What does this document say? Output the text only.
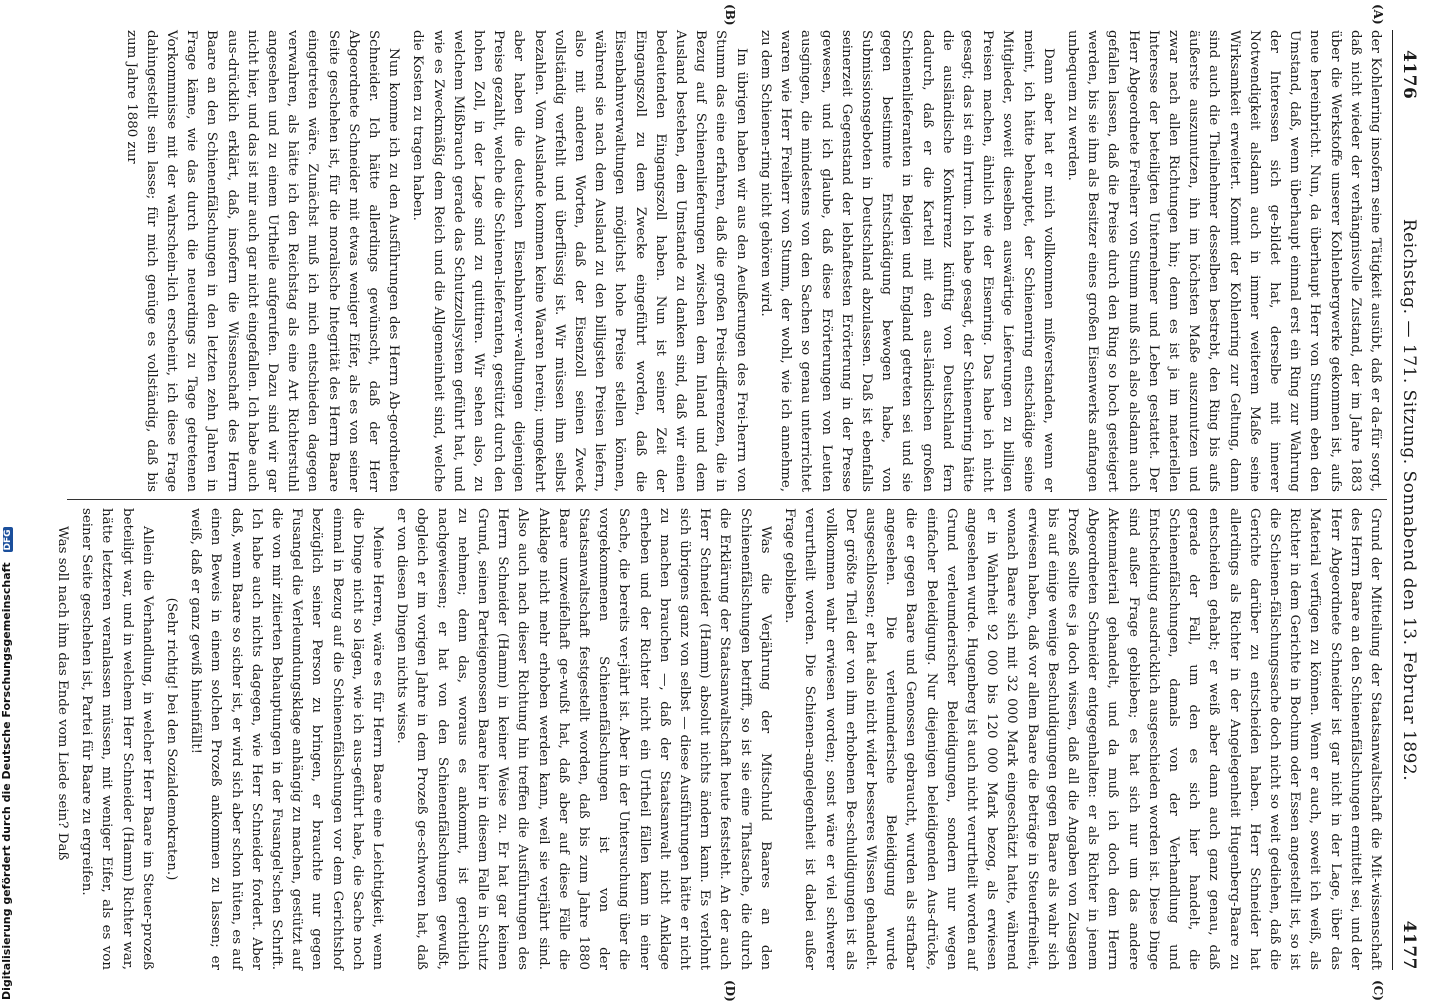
4176
Reichstag. — 171. Sitzung. Sonnabend den 13. Februar 1892.
4177
(A)
(B)
(C)
(D)

der Kohlenring insofern seine Tätigkeit ausübt, daß er da-für sorgt, daß nicht wieder der verhängnisvolle Zustand, der im Jahre 1883 über die Werkstoffe unserer Kohlenbergwerke gekommen ist, aufs neue hereinbricht. Nun, da überhaupt Herr von Stumm eben den Umstand, daß, wenn überhaupt einmal erst ein Ring zur Wahrung der Interessen sich ge-bildet hat, derselbe mit innerer Notwendigkeit alsdann auch in immer weiterem Maße seine Wirksamkeit erweitert. Kommt der Kohlenring zur Geltung, dann sind auch die Theilnehmer desselben bestrebt, den Ring bis aufs äußerste auszunutzen, ihn im höchsten Maße auszunutzen und zwar nach allen Richtungen hin; denn es ist ja im materiellen Interesse der beteiligten Unternehmer und Leben gestattet. Der Herr Abgeordnete Freiherr von Stumm muß sich also alsdann auch gefallen lassen, daß die Preise durch den Ring so hoch gesteigert werden, bis sie ihm als Besitzer eines großen Eisenwerks anfangen unbequem zu werden.

Dann aber hat er mich vollkommen mißverstanden, wenn er meint, ich hätte behauptet, der Schienenring entschädige seine Mitglieder, soweit dieselben auswärtige Lieferungen zu billigen Preisen machen, ähnlich wie der Eisenring. Das habe ich nicht gesagt; das ist ein Irrtum. Ich habe gesagt, der Schienenring hätte die ausländische Konkurrenz künftig von Deutschland fern dadurch, daß er die Kartell mit den aus-ländischen großen Schienenlieferanten in Belgien und England getreten sei und sie gegen bestimmte Entschädigung bewogen habe, von Submissionsgeboten in Deutschland abzulassen. Daß ist ebenfalls seinerzeit Gegenstand der lebhaftesten Erörterung in der Presse gewesen, und ich glaube, daß diese Erörterungen von Leuten ausgingen, die mindestens von den Sachen so genau unterrichtet waren wie Herr Freiherr von Stumm, der wohl, wie ich annehme, zu dem Schienen-ring nicht gehören wird.

Im übrigen haben wir aus den Aeußerungen des Frei-herrn von Stumm das eine erfahren, daß die großen Preis-differenzen, die in Bezug auf Schienenlieferungen zwischen dem Inland und dem Ausland bestehen, dem Umstande zu danken sind, daß wir einen bedeutenden Eingangszoll haben. Nun ist seiner Zeit der Eingangszoll zu dem Zwecke eingeführt worden, daß die Eisenbahnverwaltungen möglichst hohe Preise stellen können, während sie nach dem Ausland zu den billigsten Preisen liefern, also mit anderen Worten, daß der Eisenzoll seinen Zweck vollständig verfehlt und überflüssig ist. Wir müssen ihm selbst bezahlen. Vom Auslande kommen keine Waaren herein; umgekehrt aber haben die deutschen Eisenbahnver-waltungen diejenigen Preise gezahlt, welche die Schienen-lieferanten, gestützt durch den hohen Zoll, in der Lage sind zu quittiren. Wir sehen also, zu welchem Mißbrauch gerade das Schutzzollsystem geführt hat, und wie es Zweckmäßig dem Reich und die Allgemeinheit sind, welche die Kosten zu tragen haben.

Nun komme ich zu den Ausführungen des Herrn Ab-geordneten Schneider. Ich hätte allerdings gewünscht, daß der Herr Abgeordnete Schneider mit etwas weniger Eifer, als es von seiner Seite geschehen ist, für die moralische Integrität des Herrn Baare eingetreten wäre. Zunächst muß ich mich entschieden dagegen verwahren, als hätte ich den Reichstag als eine Art Richterstuhl angesehen und zu einem Urtheile aufgerufen. Dazu sind wir gar nicht hier, und das ist mir auch gar nicht eingefallen. Ich habe auch aus-drücklich erklärt, daß, insofern die Wissenschaft des Herrn Baare an den Schienenfälschungen in den letzten zehn Jahren in Frage käme, wie das durch die neuerdings zu Tage getretenen Vorkommnisse mit der wahrschein-lich erscheint, ich diese Frage dahingestellt sein lasse; für mich genüge es vollständig, daß bis zum Jahre 1880 zur

Grund der Mitteilung der Staatsanwaltschaft die Mit-wissenschaft des Herrn Baare an den Schienenfälschungen ermittelt sei, und der Herr Abgeordnete Schneider ist gar nicht in der Lage, über das Material verfügen zu können. Wenn er auch, soweit ich weiß, als Richter in dem Gerichte in Bochum oder Essen angestellt ist, so ist die Schienen-fälschungssache doch nicht so weit gediehen, daß die Gerichte darüber zu entscheiden haben. Herr Schneider hat allerdings als Richter in der Angelegenheit Hugenberg-Baare zu entscheiden gehabt; er weiß aber dann auch ganz genau, daß gerade der Fall, um den es sich hier handelt, die Schienenfälschungen, damals von der Verhandlung und Entscheidung ausdrücklich ausgeschieden worden ist. Diese Dinge sind außer Frage geblieben; es hat sich nur um das andere Aktenmaterial gehandelt, und da muß ich doch dem Herrn Abgeordneten Schneider entgegenhalten: er als Richter in jenem Prozeß sollte es ja doch wissen, daß all die Angaben von Zusagen bis auf einige wenige Beschuldigungen gegen Baare als wahr sich erwiesen haben, daß vor allem Baare die Beträge in Steuerfreiheit, wonach Baare sich mit 32 000 Mark eingeschätzt hatte, während er in Wahrheit 92 000 bis 120 000 Mark bezog, als erwiesen angesehen wurde. Hugenberg ist auch nicht verurtheilt worden auf Grund verleumderischer Beleidigungen, sondern nur wegen einfacher Beleidigung. Nur diejenigen beleidigenden Aus-drücke, die er gegen Baare und Genossen gebraucht, wurden als strafbar angesehen. Die verleumderische Beleidigung wurde ausgeschlossen; er hat also nicht wider besseres Wissen gehandelt. Der größte Theil der von ihm erhobenen Be-schuldigungen ist als vollkommen wahr erwiesen worden; sonst wäre er viel schwerer verurtheilt worden. Die Schienen-angelegenheit ist dabei außer Frage geblieben.

Was die Verjährung der Mitschuld Baares an den Schienenfälschungen betrifft, so ist sie eine Thatsache, die durch die Erklärung der Staatsanwaltschaft heute feststeht. An der auch Herr Schneider (Hamm) absolut nichts ändern kann. Es verlohnt sich übrigens ganz von selbst — diese Ausführungen hätte er nicht zu machen brauchen —, daß der Staatsanwalt nicht Anklage erheben und der Richter nicht ein Urtheil fällen kann in einer Sache, die bereits ver-jährt ist. Aber in der Untersuchung über die vorgekommenen Schienenfälschungen ist von der Staatsanwaltschaft festgestellt worden, daß bis zum Jahre 1880 Baare unzweifelhaft ge-wußt hat, daß aber auf diese Fälle die Anklage nicht mehr erhoben werden kann, weil sie verjährt sind. Also auch nach dieser Richtung hin treffen die Ausführungen des Herrn Schneider (Hamm) in keiner Weise zu. Er hat gar keinen Grund, seinen Parteigenossen Baare hier in diesem Falle in Schutz zu nehmen; denn das, woraus es ankommt, ist gerichtlich nachgewiesen; er hat von den Schienenfälschungen gewußt, obgleich er im vorigen Jahre in dem Prozeß ge-schworen hat, daß er von diesen Dingen nichts wisse.

Meine Herren, wäre es für Herrn Baare eine Leichtigkeit, wenn die Dinge nicht so lägen, wie ich aus-geführt habe, die Sache noch einmal in Bezug auf die Schienenfälschungen vor dem Gerichtshof bezüglich seiner Person zu bringen, er brauchte nur gegen Fusangel die Verleumdungsklage anhängig zu machen, gestützt auf die von mir zitierten Behauptungen in der Fusangel'schen Schrift. Ich habe auch nichts dagegen, wie Herr Schneider fordert. Aber daß, wenn Baare so sicher ist, er wird sich aber schon hüten, es auf einen Beweis in einem solchen Prozeß ankommen zu lassen; er weiß, daß er ganz gewiß hineinfällt!

(Sehr richtig! bei den Sozialdemokraten.)

Allein die Verhandlung, in welcher Herr Baare im Steuer-prozeß beteiligt war, und in welchem Herr Schneider (Hamm) Richter war, hätte letzteren veranlassen müssen, mit weniger Eifer, als es von seiner Seite geschehen ist, Partei für Baare zu ergreifen.

Was soll nach ihm das Ende vom Liede sein? Daß

Digitalisierung gefördert durch die Deutsche Forschungsgemeinschaft DFG
